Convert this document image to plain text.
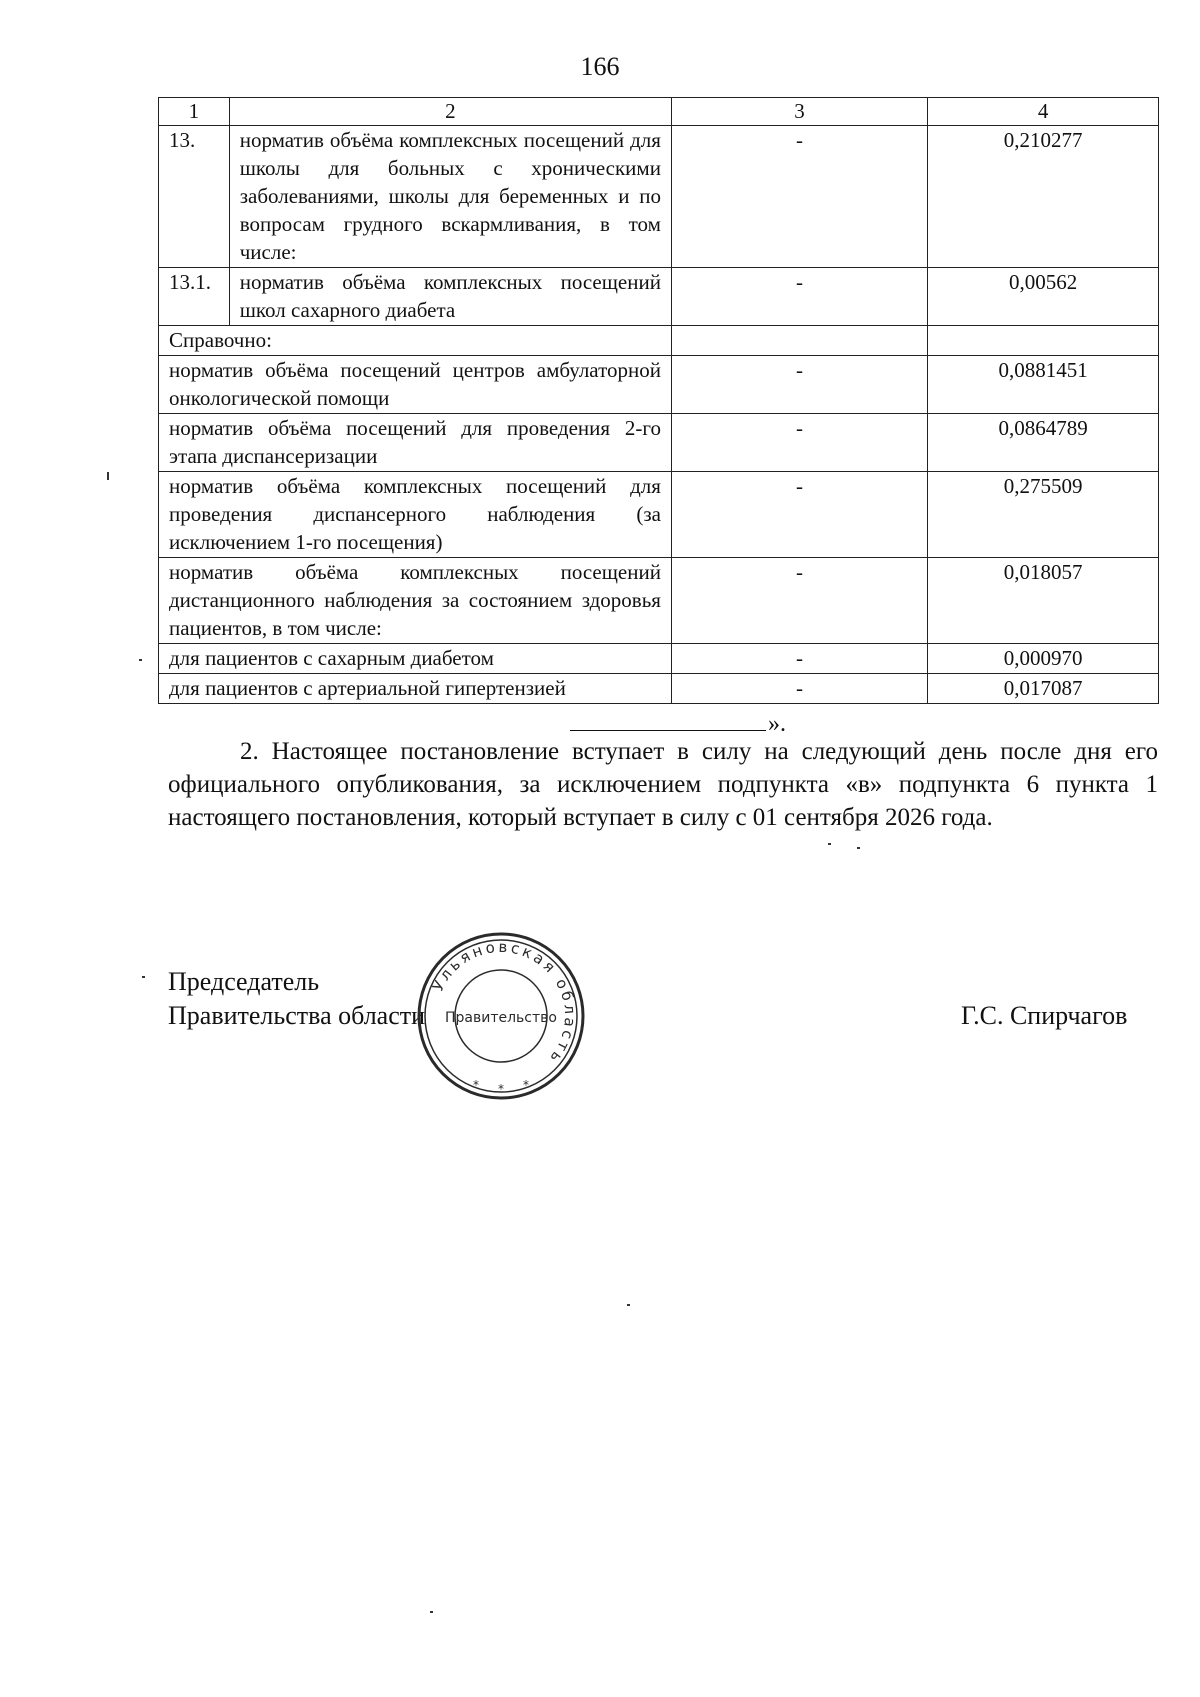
166
1	2	3	4
13.	норматив объёма комплексных посещений для школы для больных с хроническими заболеваниями, школы для беременных и по вопросам грудного вскармливания, в том числе:	-	0,210277
13.1.	норматив объёма комплексных посещений школ сахарного диабета	-	0,00562
Справочно:			
норматив объёма посещений центров амбулаторной онкологической помощи		-	0,0881451
норматив объёма посещений для проведения 2-го этапа диспансеризации		-	0,0864789
норматив объёма комплексных посещений для проведения диспансерного наблюдения (за исключением 1-го посещения)		-	0,275509
норматив объёма комплексных посещений дистанционного наблюдения за состоянием здоровья пациентов, в том числе:		-	0,018057
для пациентов с сахарным диабетом		-	0,000970
для пациентов с артериальной гипертензией		-	0,017087
».
2. Настоящее постановление вступает в силу на следующий день после дня его официального опубликования, за исключением подпункта «в» подпункта 6 пункта 1 настоящего постановления, который вступает в силу с 01 сентября 2026 года.
Председатель
Правительства области
Ульяновская область
Правительство
* * *
Г.С. Спирчагов
